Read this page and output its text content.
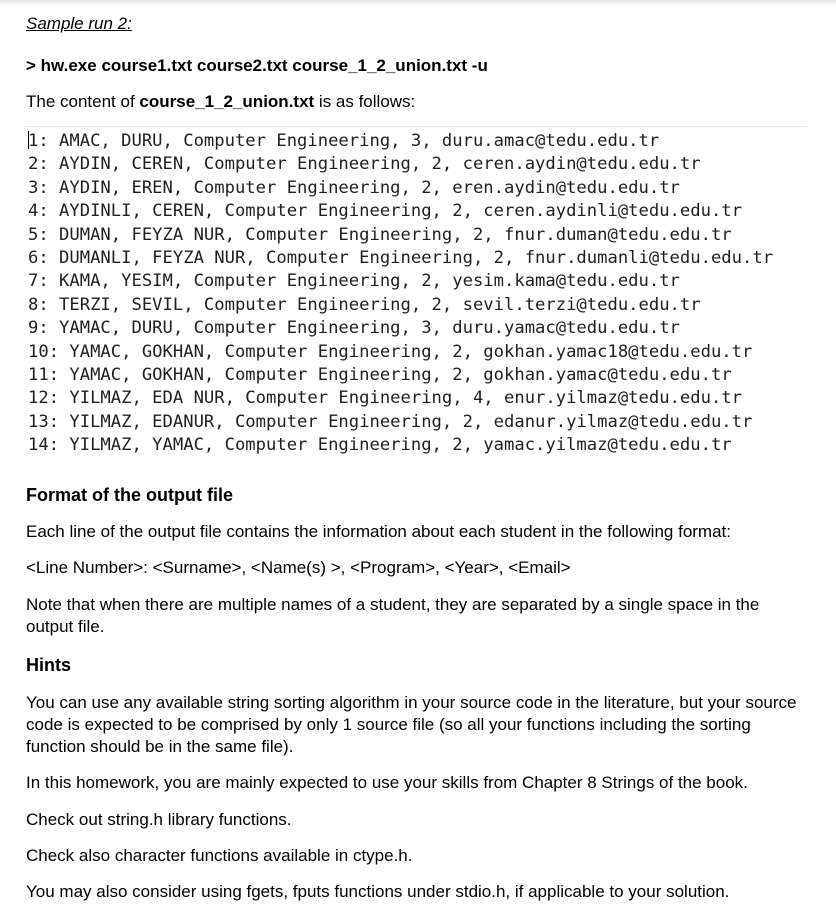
Sample run 2:
> hw.exe course1.txt course2.txt course_1_2_union.txt -u
The content of course_1_2_union.txt is as follows:
1: AMAC, DURU, Computer Engineering, 3, duru.amac@tedu.edu.tr
2: AYDIN, CEREN, Computer Engineering, 2, ceren.aydin@tedu.edu.tr
3: AYDIN, EREN, Computer Engineering, 2, eren.aydin@tedu.edu.tr
4: AYDINLI, CEREN, Computer Engineering, 2, ceren.aydinli@tedu.edu.tr
5: DUMAN, FEYZA NUR, Computer Engineering, 2, fnur.duman@tedu.edu.tr
6: DUMANLI, FEYZA NUR, Computer Engineering, 2, fnur.dumanli@tedu.edu.tr
7: KAMA, YESIM, Computer Engineering, 2, yesim.kama@tedu.edu.tr
8: TERZI, SEVIL, Computer Engineering, 2, sevil.terzi@tedu.edu.tr
9: YAMAC, DURU, Computer Engineering, 3, duru.yamac@tedu.edu.tr
10: YAMAC, GOKHAN, Computer Engineering, 2, gokhan.yamac18@tedu.edu.tr
11: YAMAC, GOKHAN, Computer Engineering, 2, gokhan.yamac@tedu.edu.tr
12: YILMAZ, EDA NUR, Computer Engineering, 4, enur.yilmaz@tedu.edu.tr
13: YILMAZ, EDANUR, Computer Engineering, 2, edanur.yilmaz@tedu.edu.tr
14: YILMAZ, YAMAC, Computer Engineering, 2, yamac.yilmaz@tedu.edu.tr
Format of the output file
Each line of the output file contains the information about each student in the following format:
<Line Number>: <Surname>, <Name(s) >, <Program>, <Year>, <Email>
Note that when there are multiple names of a student, they are separated by a single space in the output file.
Hints
You can use any available string sorting algorithm in your source code in the literature, but your source code is expected to be comprised by only 1 source file (so all your functions including the sorting function should be in the same file).
In this homework, you are mainly expected to use your skills from Chapter 8 Strings of the book.
Check out string.h library functions.
Check also character functions available in ctype.h.
You may also consider using fgets, fputs functions under stdio.h, if applicable to your solution.
